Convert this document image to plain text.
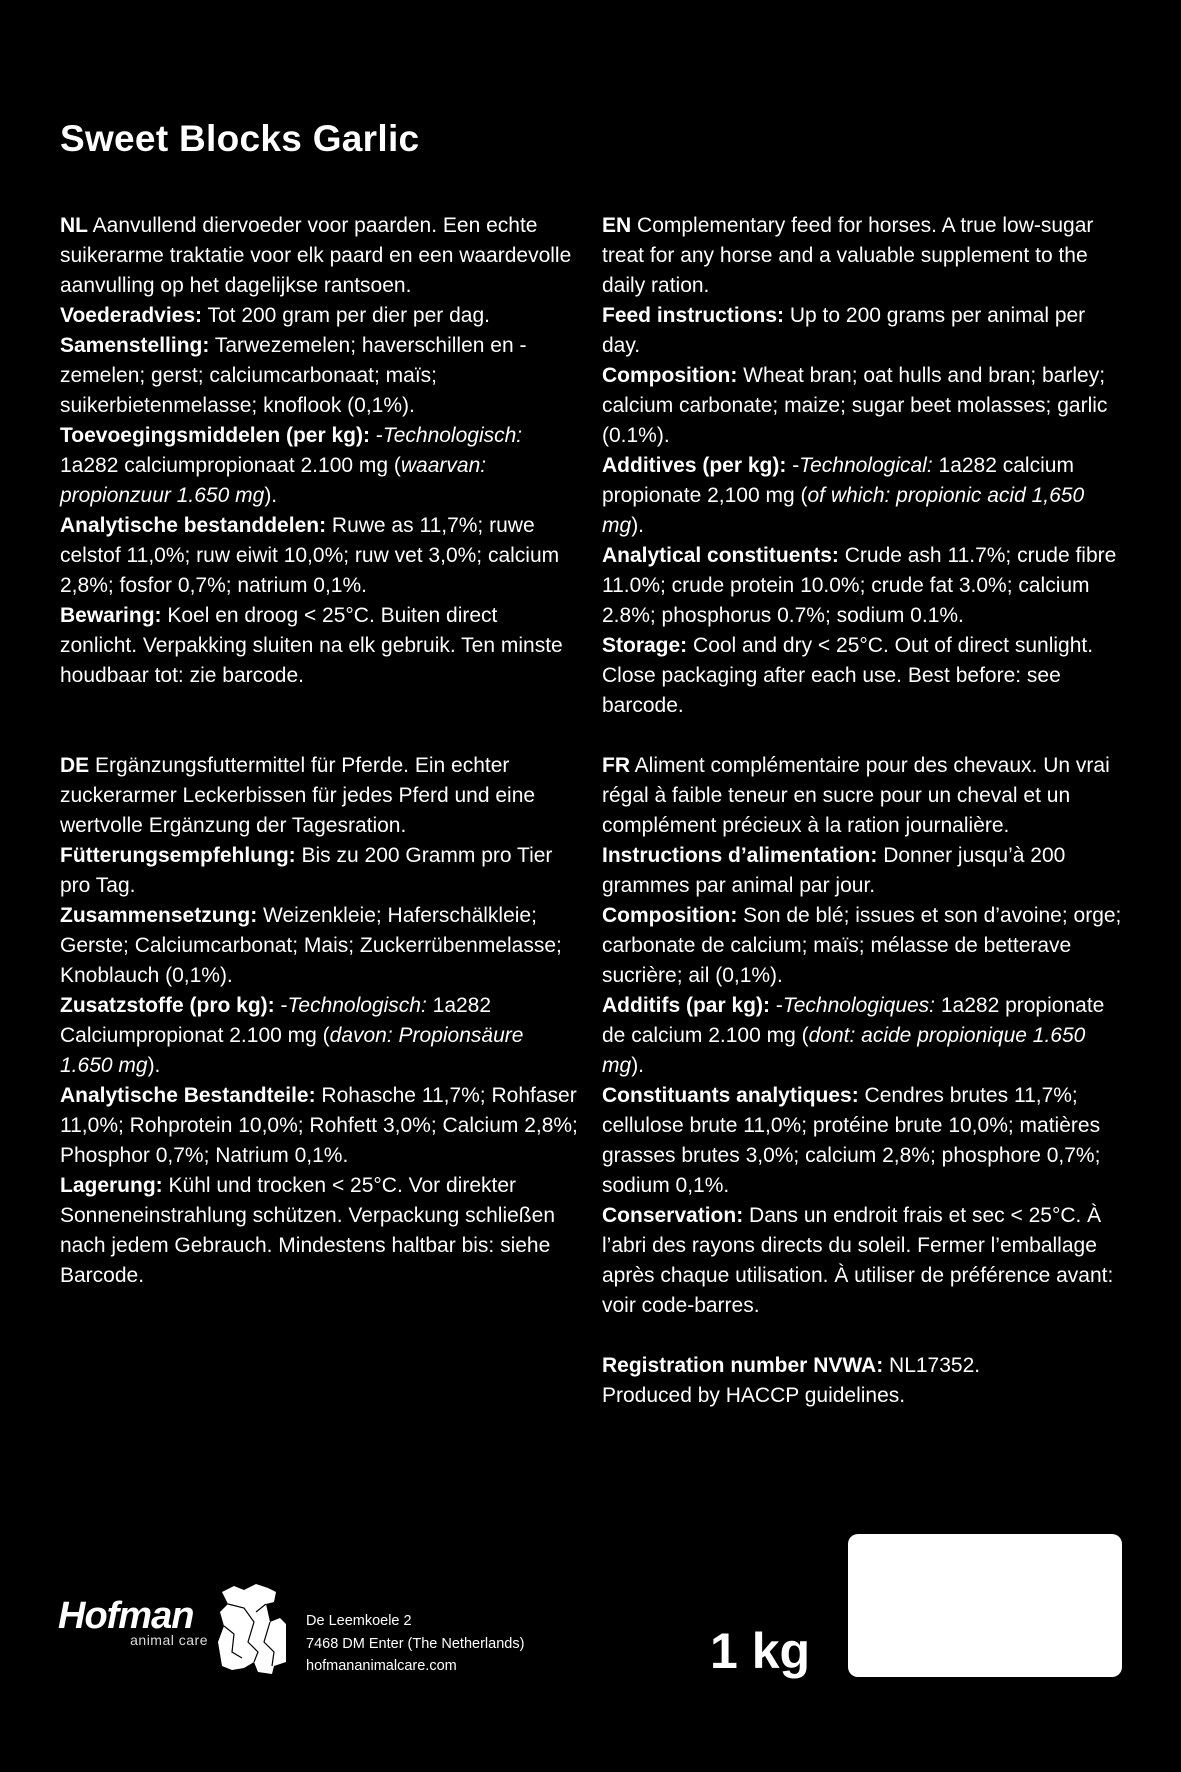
Sweet Blocks Garlic

NL Aanvullend diervoeder voor paarden. Een echte suikerarme traktatie voor elk paard en een waardevolle aanvulling op het dagelijkse rantsoen.

Voederadvies: Tot 200 gram per dier per dag.

Samenstelling: Tarwezemelen; haverschillen en -zemelen; gerst; calciumcarbonaat; maïs; suikerbietenmelasse; knoflook (0,1%).

Toevoegingsmiddelen (per kg): -Technologisch: 1a282 calciumpropionaat 2.100 mg (waarvan: propionzuur 1.650 mg).

Analytische bestanddelen: Ruwe as 11,7%; ruwe celstof 11,0%; ruw eiwit 10,0%; ruw vet 3,0%; calcium 2,8%; fosfor 0,7%; natrium 0,1%.

Bewaring: Koel en droog < 25°C. Buiten direct zonlicht. Verpakking sluiten na elk gebruik. Ten minste houdbaar tot: zie barcode.

EN Complementary feed for horses. A true low-sugar treat for any horse and a valuable supplement to the daily ration.

Feed instructions: Up to 200 grams per animal per day.

Composition: Wheat bran; oat hulls and bran; barley; calcium carbonate; maize; sugar beet molasses; garlic (0.1%).

Additives (per kg): -Technological: 1a282 calcium propionate 2,100 mg (of which: propionic acid 1,650 mg).

Analytical constituents: Crude ash 11.7%; crude fibre 11.0%; crude protein 10.0%; crude fat 3.0%; calcium 2.8%; phosphorus 0.7%; sodium 0.1%.

Storage: Cool and dry < 25°C. Out of direct sunlight. Close packaging after each use. Best before: see barcode.

DE Ergänzungsfuttermittel für Pferde. Ein echter zuckerarmer Leckerbissen für jedes Pferd und eine wertvolle Ergänzung der Tagesration.

Fütterungsempfehlung: Bis zu 200 Gramm pro Tier pro Tag.

Zusammensetzung: Weizenkleie; Haferschälkleie; Gerste; Calciumcarbonat; Mais; Zuckerrübenmelasse; Knoblauch (0,1%).

Zusatzstoffe (pro kg): -Technologisch: 1a282 Calciumpropionat 2.100 mg (davon: Propionsäure 1.650 mg).

Analytische Bestandteile: Rohasche 11,7%; Rohfaser 11,0%; Rohprotein 10,0%; Rohfett 3,0%; Calcium 2,8%; Phosphor 0,7%; Natrium 0,1%.

Lagerung: Kühl und trocken < 25°C. Vor direkter Sonneneinstrahlung schützen. Verpackung schließen nach jedem Gebrauch. Mindestens haltbar bis: siehe Barcode.

FR Aliment complémentaire pour des chevaux. Un vrai régal à faible teneur en sucre pour un cheval et un complément précieux à la ration journalière.

Instructions d’alimentation: Donner jusqu’à 200 grammes par animal par jour.

Composition: Son de blé; issues et son d’avoine; orge; carbonate de calcium; maïs; mélasse de betterave sucrière; ail (0,1%).

Additifs (par kg): -Technologiques: 1a282 propionate de calcium 2.100 mg (dont: acide propionique 1.650 mg).

Constituants analytiques: Cendres brutes 11,7%; cellulose brute 11,0%; protéine brute 10,0%; matières grasses brutes 3,0%; calcium 2,8%; phosphore 0,7%; sodium 0,1%.

Conservation: Dans un endroit frais et sec < 25°C. À l’abri des rayons directs du soleil. Fermer l’emballage après chaque utilisation. À utiliser de préférence avant: voir code-barres.

Registration number NVWA: NL17352.

Produced by HACCP guidelines.

Hofman
animal care
De Leemkoele 2
7468 DM Enter (The Netherlands)
hofmananimalcare.com	1 kg
